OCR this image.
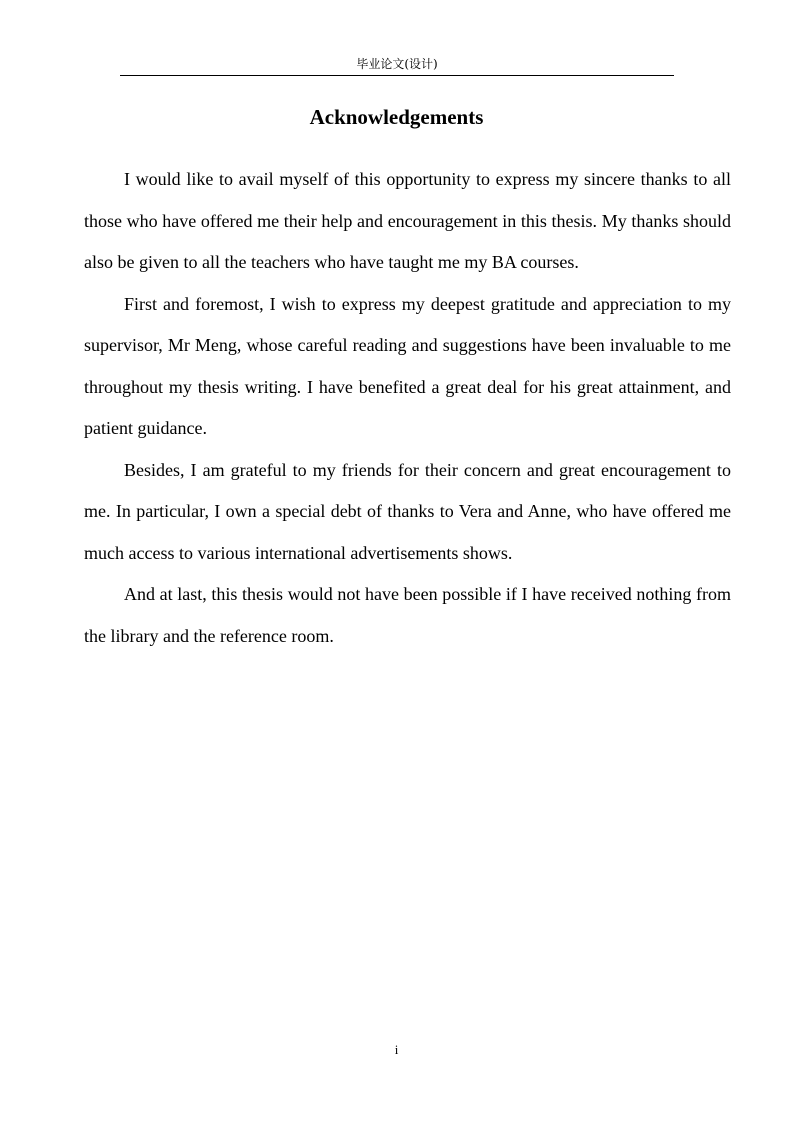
毕业论文(设计)
Acknowledgements

I would like to avail myself of this opportunity to express my sincere thanks to all those who have offered me their help and encouragement in this thesis. My thanks should also be given to all the teachers who have taught me my BA courses.

First and foremost, I wish to express my deepest gratitude and appreciation to my supervisor, Mr Meng, whose careful reading and suggestions have been invaluable to me throughout my thesis writing. I have benefited a great deal for his great attainment, and patient guidance.

Besides, I am grateful to my friends for their concern and great encouragement to me. In particular, I own a special debt of thanks to Vera and Anne, who have offered me much access to various international advertisements shows.

And at last, this thesis would not have been possible if I have received nothing from the library and the reference room.

i
